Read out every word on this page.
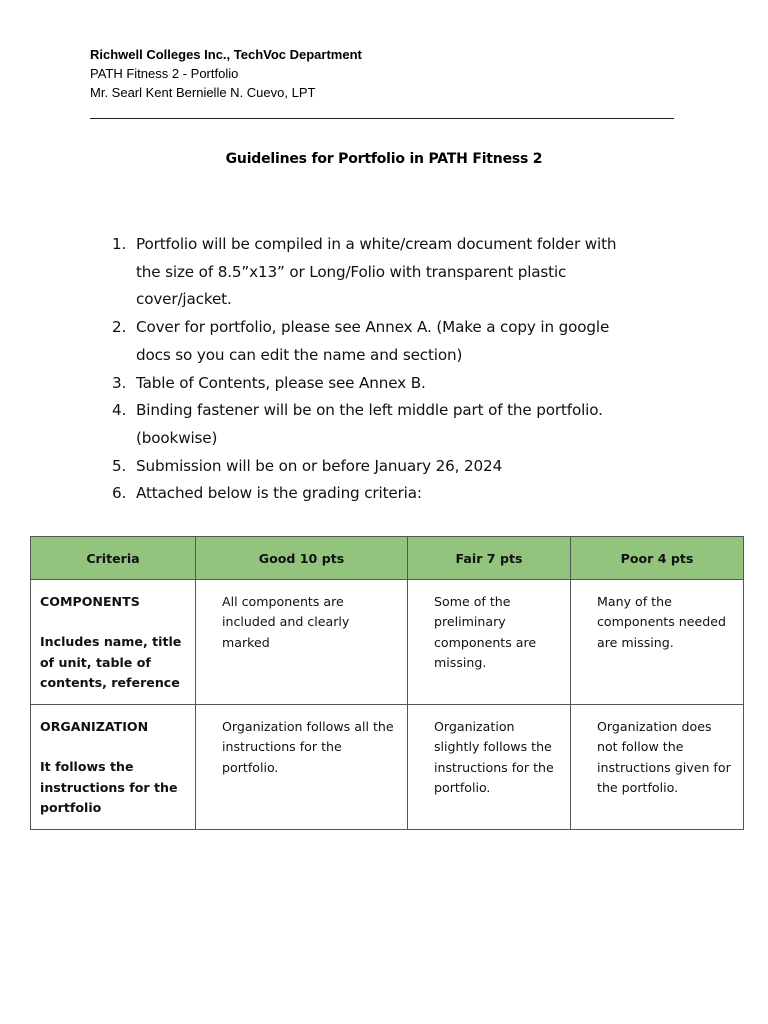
Richwell Colleges Inc., TechVoc Department
PATH Fitness 2 - Portfolio
Mr. Searl Kent Bernielle N. Cuevo, LPT
Guidelines for Portfolio in PATH Fitness 2
1. Portfolio will be compiled in a white/cream document folder with
the size of 8.5”x13” or Long/Folio with transparent plastic
cover/jacket.
2. Cover for portfolio, please see Annex A. (Make a copy in google
docs so you can edit the name and section)
3. Table of Contents, please see Annex B.
4. Binding fastener will be on the left middle part of the portfolio.
(bookwise)
5. Submission will be on or before January 26, 2024
6. Attached below is the grading criteria:
Criteria	Good 10 pts	Fair 7 pts	Poor 4 pts

COMPONENTS
Includes name, title of unit, table of contents, reference	All components are included and clearly marked	Some of the preliminary components are missing.	Many of the components needed are missing.

ORGANIZATION
It follows the instructions for the portfolio	Organization follows all the instructions for the portfolio.	Organization slightly follows the instructions for the portfolio.	Organization does not follow the instructions given for the portfolio.
